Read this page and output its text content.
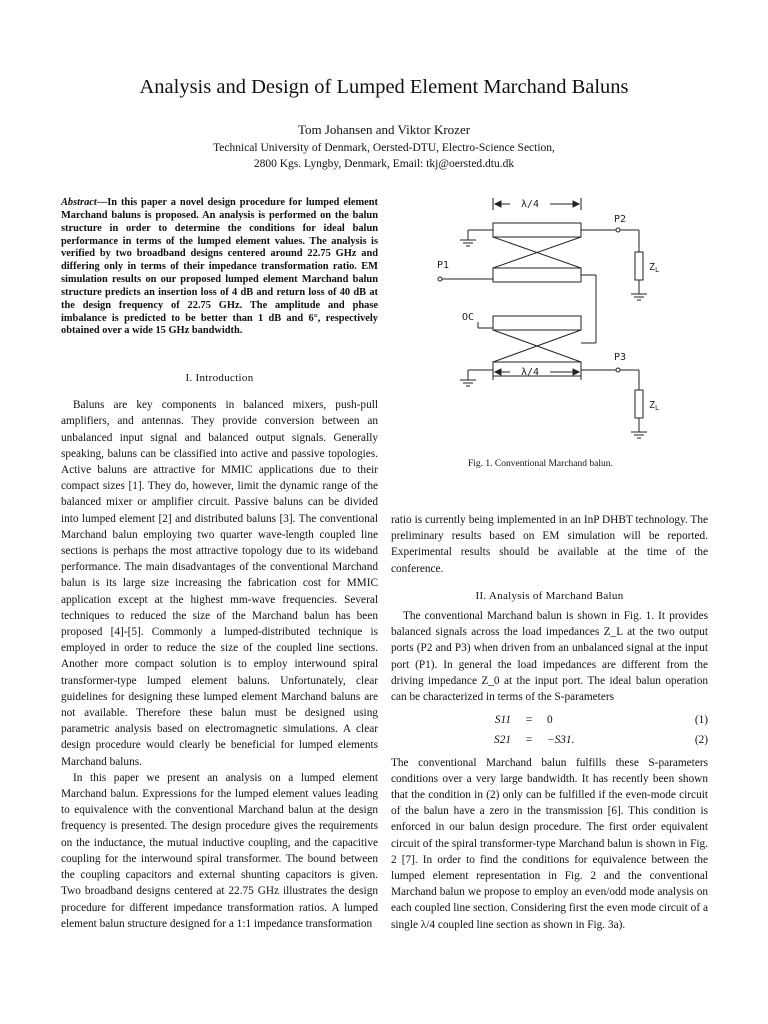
Analysis and Design of Lumped Element Marchand Baluns
Tom Johansen and Viktor Krozer
Technical University of Denmark, Oersted-DTU, Electro-Science Section,
2800 Kgs. Lyngby, Denmark, Email: tkj@oersted.dtu.dk
Abstract—In this paper a novel design procedure for lumped element Marchand baluns is proposed. An analysis is performed on the balun structure in order to determine the conditions for ideal balun performance in terms of the lumped element values. The analysis is verified by two broadband designs centered around 22.75 GHz and differing only in terms of their impedance transformation ratio. EM simulation results on our proposed lumped element Marchand balun structure predicts an insertion loss of 4 dB and return loss of 40 dB at the design frequency of 22.75 GHz. The amplitude and phase imbalance is predicted to be better than 1 dB and 6°, respectively obtained over a wide 15 GHz bandwidth.

I. Introduction

Baluns are key components in balanced mixers, push-pull amplifiers, and antennas. They provide conversion between an unbalanced input signal and balanced output signals. Generally speaking, baluns can be classified into active and passive topologies. Active baluns are attractive for MMIC applications due to their compact sizes [1]. They do, however, limit the dynamic range of the balanced mixer or amplifier circuit. Passive baluns can be divided into lumped element [2] and distributed baluns [3]. The conventional Marchand balun employing two quarter wave-length coupled line sections is perhaps the most attractive topology due to its wideband performance. The main disadvantages of the conventional Marchand balun is its large size increasing the fabrication cost for MMIC application except at the highest mm-wave frequencies. Several techniques to reduced the size of the Marchand balun has been proposed [4]-[5]. Commonly a lumped-distributed technique is employed in order to reduce the size of the coupled line sections. Another more compact solution is to employ interwound spiral transformer-type lumped element baluns. Unfortunately, clear guidelines for designing these lumped element Marchand baluns are not available. Therefore these balun must be designed using parametric analysis based on electromagnetic simulations. A clear design procedure would clearly be beneficial for lumped elements Marchand baluns.

In this paper we present an analysis on a lumped element Marchand balun. Expressions for the lumped element values leading to equivalence with the conventional Marchand balun at the design frequency is presented. The design procedure gives the requirements on the inductance, the mutual inductive coupling, and the capacitive coupling for the interwound spiral transformer. The bound between the coupling capacitors and external shunting capacitors is given. Two broadband designs centered at 22.75 GHz illustrates the design procedure for different impedance transformation ratios. A lumped element balun structure designed for a 1:1 impedance transformation

λ/4
λ/4
P2
P1
OC
P3
$Z_L$
$Z_L$
Fig. 1. Conventional Marchand balun.

ratio is currently being implemented in an InP DHBT technology. The preliminary results based on EM simulation will be reported. Experimental results should be available at the time of the conference.

II. Analysis of Marchand Balun

The conventional Marchand balun is shown in Fig. 1. It provides balanced signals across the load impedances Z_L at the two output ports (P2 and P3) when driven from an unbalanced signal at the input port (P1). In general the load impedances are different from the driving impedance Z_0 at the input port. The ideal balun operation can be characterized in terms of the S-parameters

S11	=	0	(1)
S21	=	−S31.	(2)

The conventional Marchand balun fulfills these S-parameters conditions over a very large bandwidth. It has recently been shown that the condition in (2) only can be fulfilled if the even-mode circuit of the balun have a zero in the transmission [6]. This condition is enforced in our balun design procedure. The first order equivalent circuit of the spiral transformer-type Marchand balun is shown in Fig. 2 [7]. In order to find the conditions for equivalence between the lumped element representation in Fig. 2 and the conventional Marchand balun we propose to employ an even/odd mode analysis on each coupled line section. Considering first the even mode circuit of a single λ/4 coupled line section as shown in Fig. 3a).
